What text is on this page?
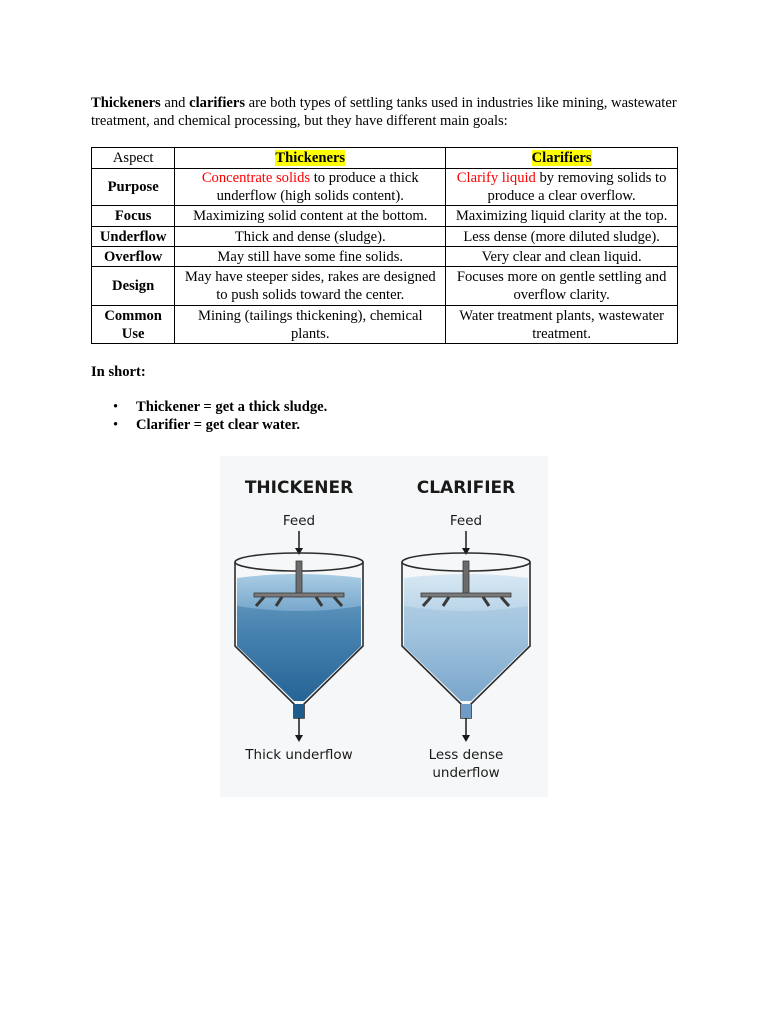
Thickeners and clarifiers are both types of settling tanks used in industries like mining, wastewater treatment, and chemical processing, but they have different main goals:

Aspect	Thickeners	Clarifiers
Purpose	Concentrate solids to produce a thick underflow (high solids content).	Clarify liquid by removing solids to produce a clear overflow.
Focus	Maximizing solid content at the bottom.	Maximizing liquid clarity at the top.
Underflow	Thick and dense (sludge).	Less dense (more diluted sludge).
Overflow	May still have some fine solids.	Very clear and clean liquid.
Design	May have steeper sides, rakes are designed to push solids toward the center.	Focuses more on gentle settling and overflow clarity.
Common Use	Mining (tailings thickening), chemical plants.	Water treatment plants, wastewater treatment.

In short:

• Thickener = get a thick sludge.
• Clarifier = get clear water.
THICKENER
Feed
Thick underflow
CLARIFIER
Feed
Less dense
underflow
